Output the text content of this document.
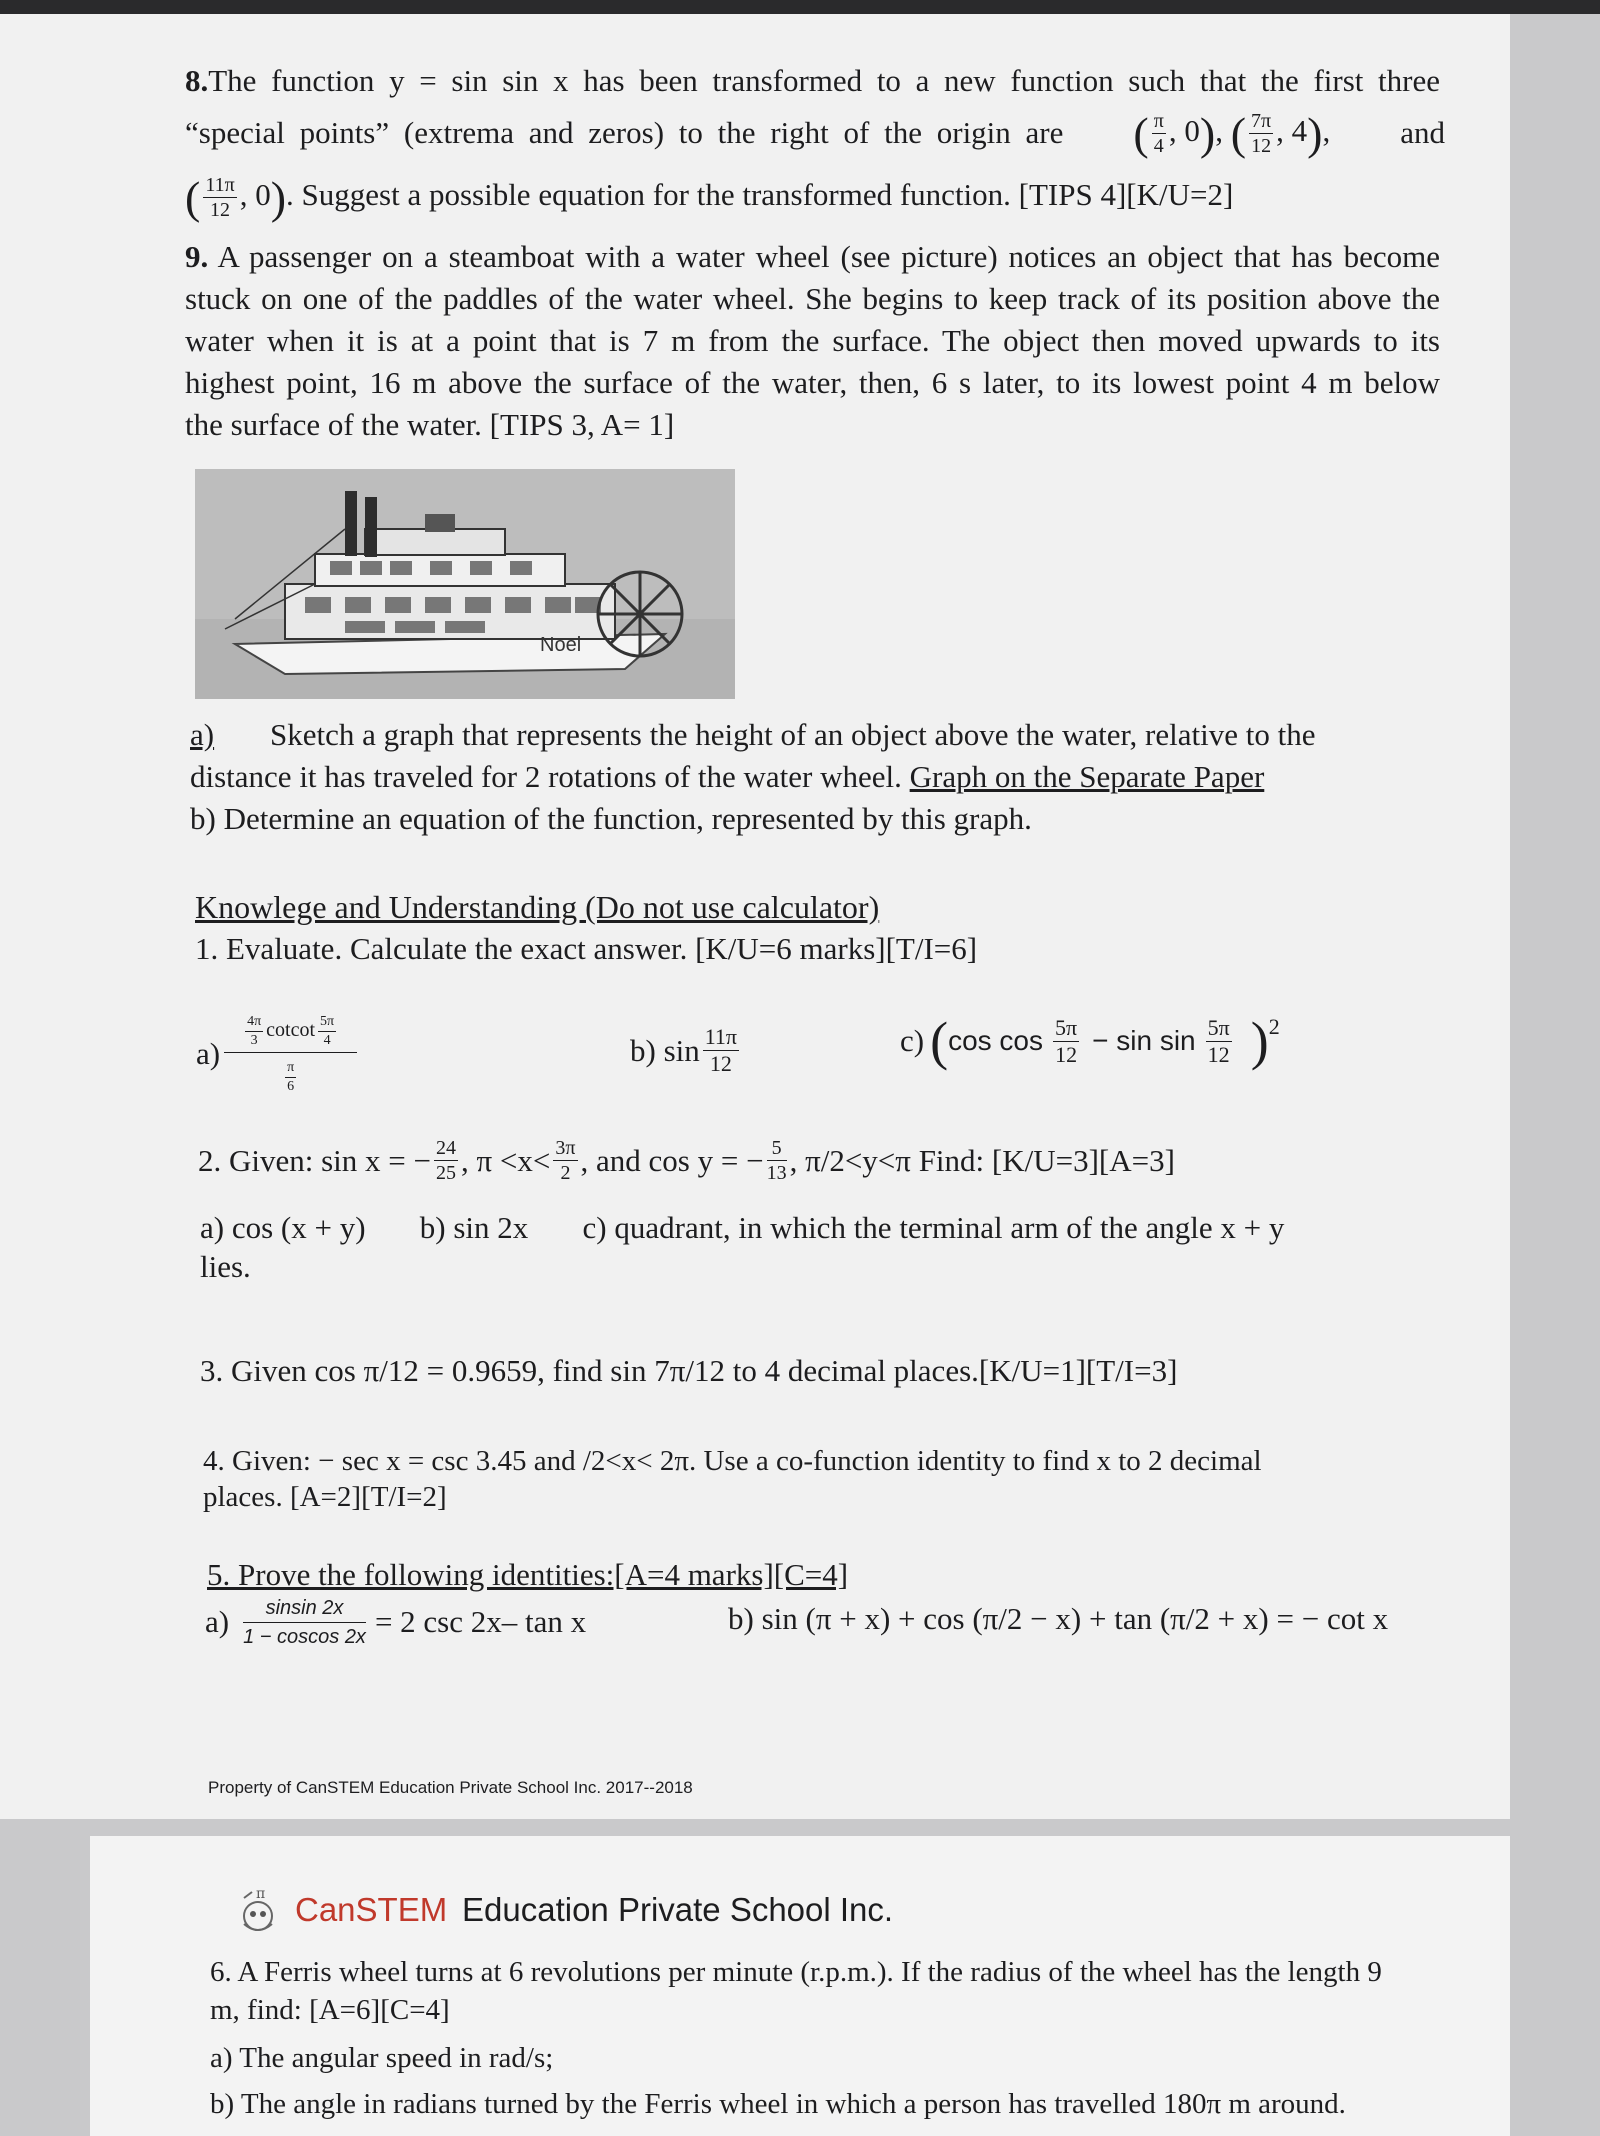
8.The function y = sin sin x has been transformed to a new function such that the first three
“special points” (extrema and zeros) to the right of the origin are ( $\frac{\pi}{4}$ , 0), ( $\frac{7\pi}{12}$ , 4), and
( $\frac{11\pi}{12}$ , 0). Suggest a possible equation for the transformed function. [TIPS 4][K/U=2]
9. A passenger on a steamboat with a water wheel (see picture) notices an object that has become
stuck on one of the paddles of the water wheel. She begins to keep track of its position above the
water when it is at a point that is 7 m from the surface. The object then moved upwards to its
highest point, 16 m above the surface of the water, then, 6 s later, to its lowest point 4 m below
the surface of the water. [TIPS 3, A= 1]
Noel
a) Sketch a graph that represents the height of an object above the water, relative to the
distance it has traveled for 2 rotations of the water wheel. Graph on the Separate Paper
b) Determine an equation of the function, represented by this graph.
Knowlege and Understanding (Do not use calculator)
1. Evaluate. Calculate the exact answer. [K/U=6 marks][T/I=6]
$a) \frac{\frac{4\pi}{3} cotcot \frac{5\pi}{4}}{\frac{\pi}{6}}$	b) $\sin \frac{11\pi}{12}$	c) ( $\cos \cos \frac{5\pi}{12} - \sin \sin \frac{5\pi}{12}$ ) 2
2. Given: sin x = − $\frac{24}{25}$ , $\pi <x< \frac{3\pi}{2}$ , and cos y = − $\frac{5}{13}$ , π/2<y<π Find: [K/U=3][A=3]
a) cos (x + y)       b) sin 2x       c) quadrant, in which the terminal arm of the angle x + y
lies.
3. Given cos π/12 = 0.9659, find sin 7π/12 to 4 decimal places.[K/U=1][T/I=3]
4. Given: − sec x = csc 3.45 and /2<x< 2π. Use a co-function identity to find x to 2 decimal
places. [A=2][T/I=2]
5. Prove the following identities:[A=4 marks][C=4]
$a) \frac{\text{sinsin 2x}}{\text{1 − coscos 2x}} = 2$ csc 2x– tan x	b) sin (π + x) + cos (π/2 − x) + tan (π/2 + x) = − cot x
Property of CanSTEM Education Private School Inc. 2017--2018
π CanSTEM Education Private School Inc.
6. A Ferris wheel turns at 6 revolutions per minute (r.p.m.). If the radius of the wheel has the length 9
m, find: [A=6][C=4]
a) The angular speed in rad/s;
b) The angle in radians turned by the Ferris wheel in which a person has travelled 180π m around.
